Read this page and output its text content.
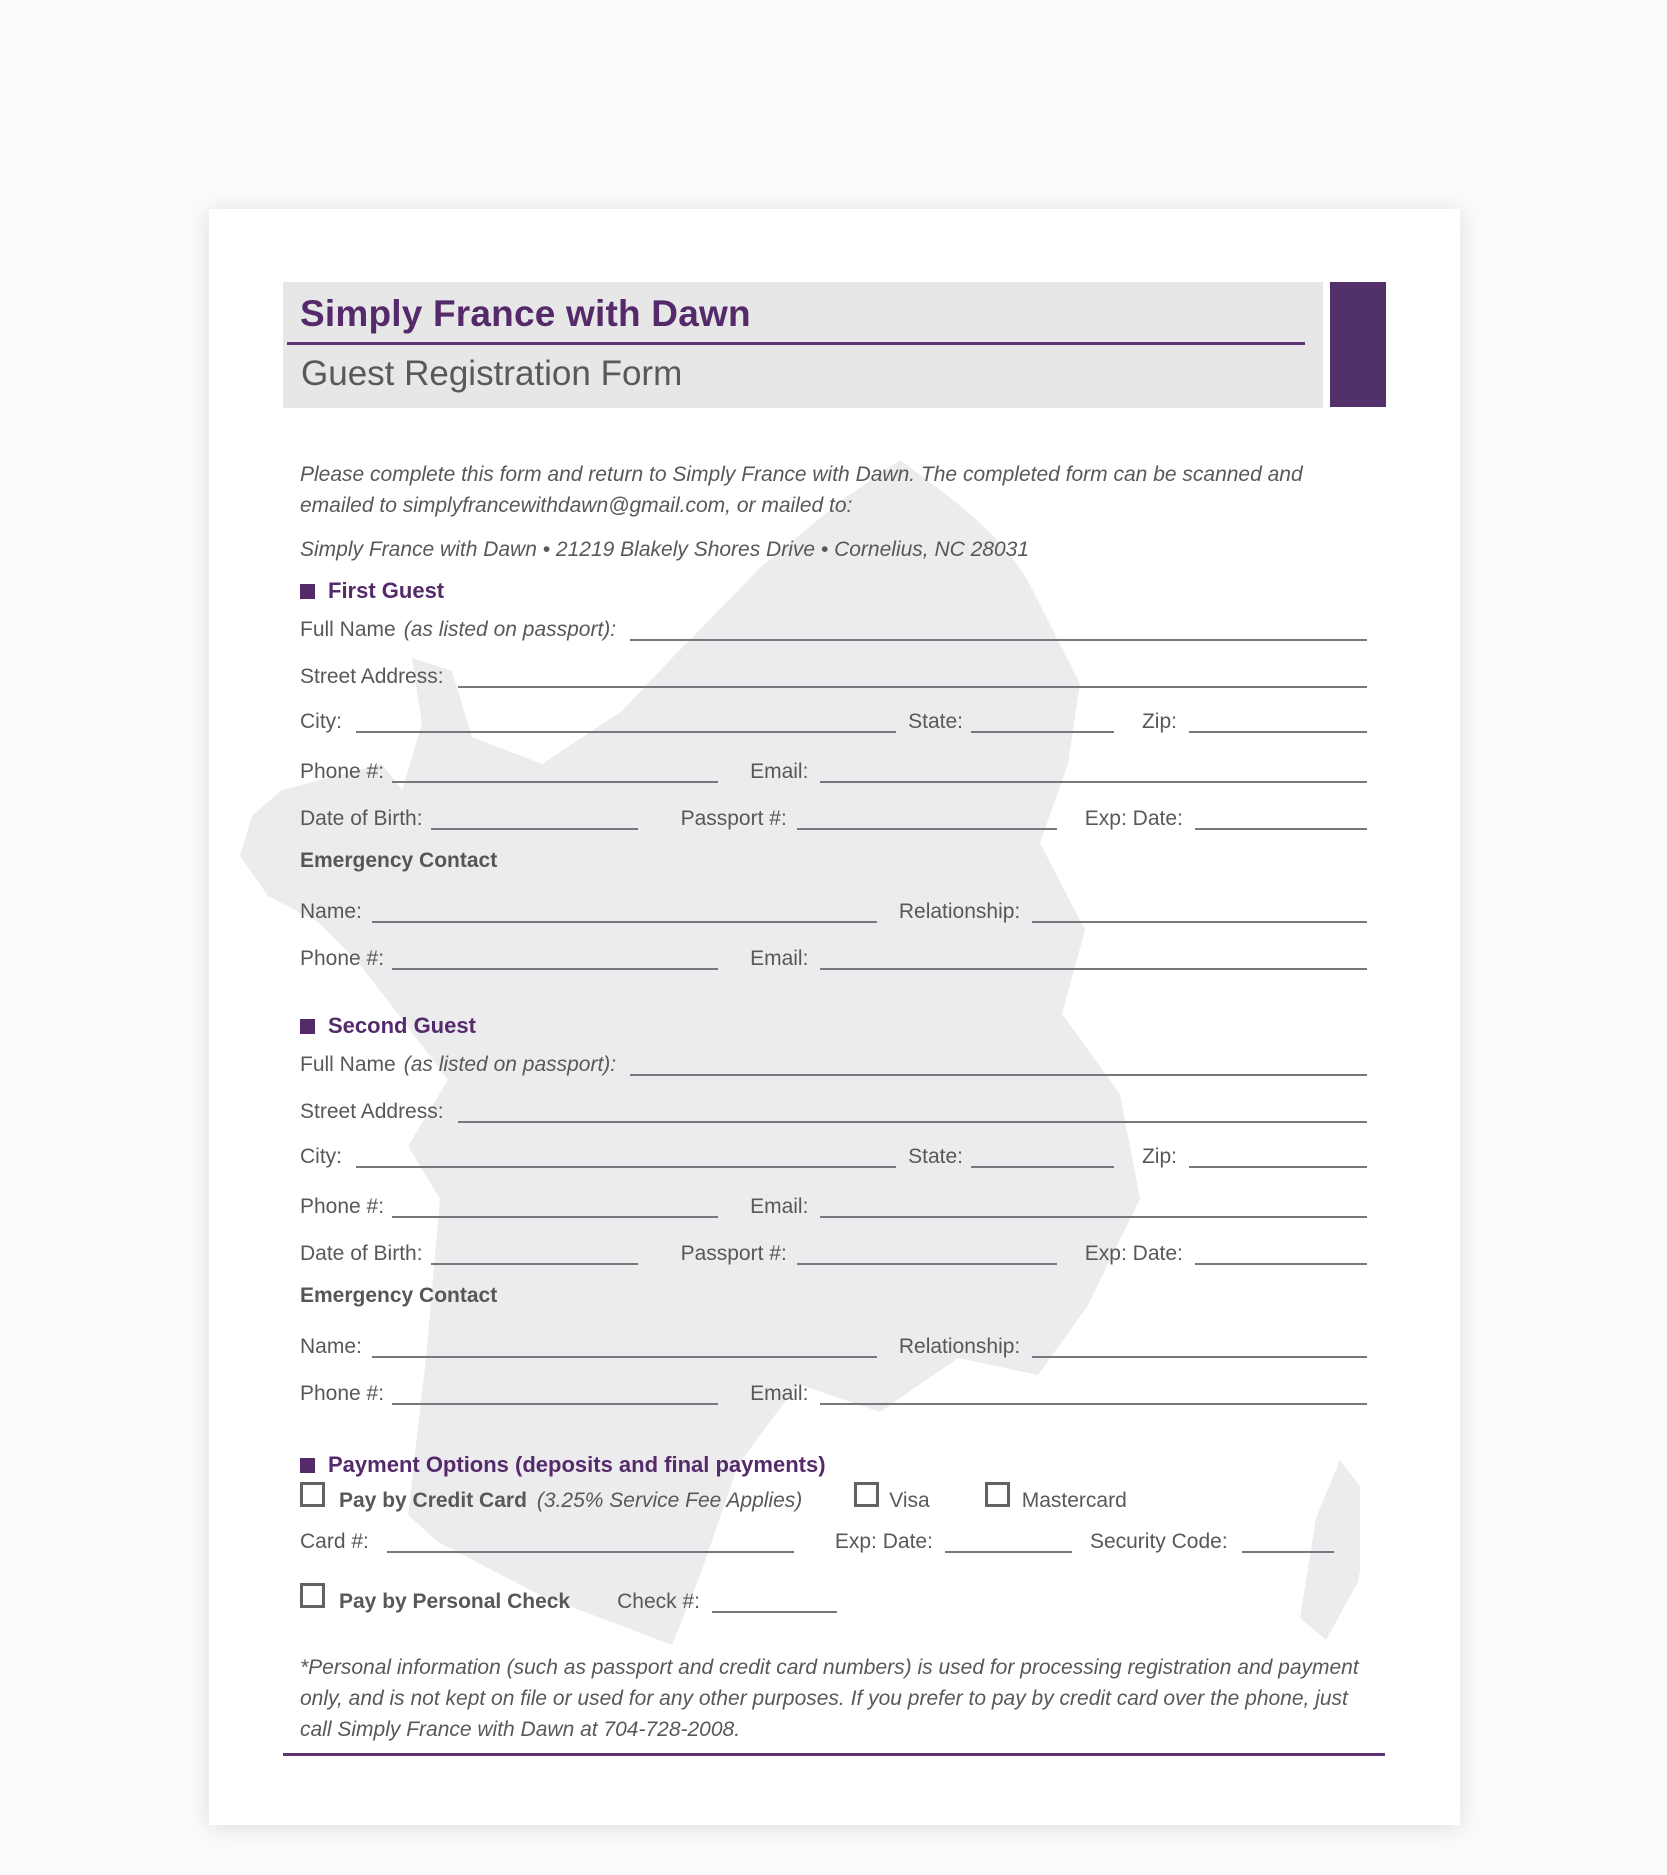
Simply France with Dawn
Guest Registration Form

Please complete this form and return to Simply France with Dawn. The completed form can be scanned and emailed to simplyfrancewithdawn@gmail.com, or mailed to:

Simply France with Dawn • 21219 Blakely Shores Drive • Cornelius, NC 28031

First Guest
Full Name (as listed on passport):
Street Address:
City:	State:	Zip:
Phone #:	Email:
Date of Birth:	Passport #:	Exp: Date:
Emergency Contact
Name:	Relationship:
Phone #:	Email:
Second Guest
Full Name (as listed on passport):
Street Address:
City:	State:	Zip:
Phone #:	Email:
Date of Birth:	Passport #:	Exp: Date:
Emergency Contact
Name:	Relationship:
Phone #:	Email:
Payment Options (deposits and final payments)
Pay by Credit Card (3.25% Service Fee Applies)	Visa	Mastercard
Card #:	Exp: Date:	Security Code:
Pay by Personal Check Check #:
*Personal information (such as passport and credit card numbers) is used for processing registration and payment only, and is not kept on file or used for any other purposes. If you prefer to pay by credit card over the phone, just call Simply France with Dawn at 704-728-2008.
